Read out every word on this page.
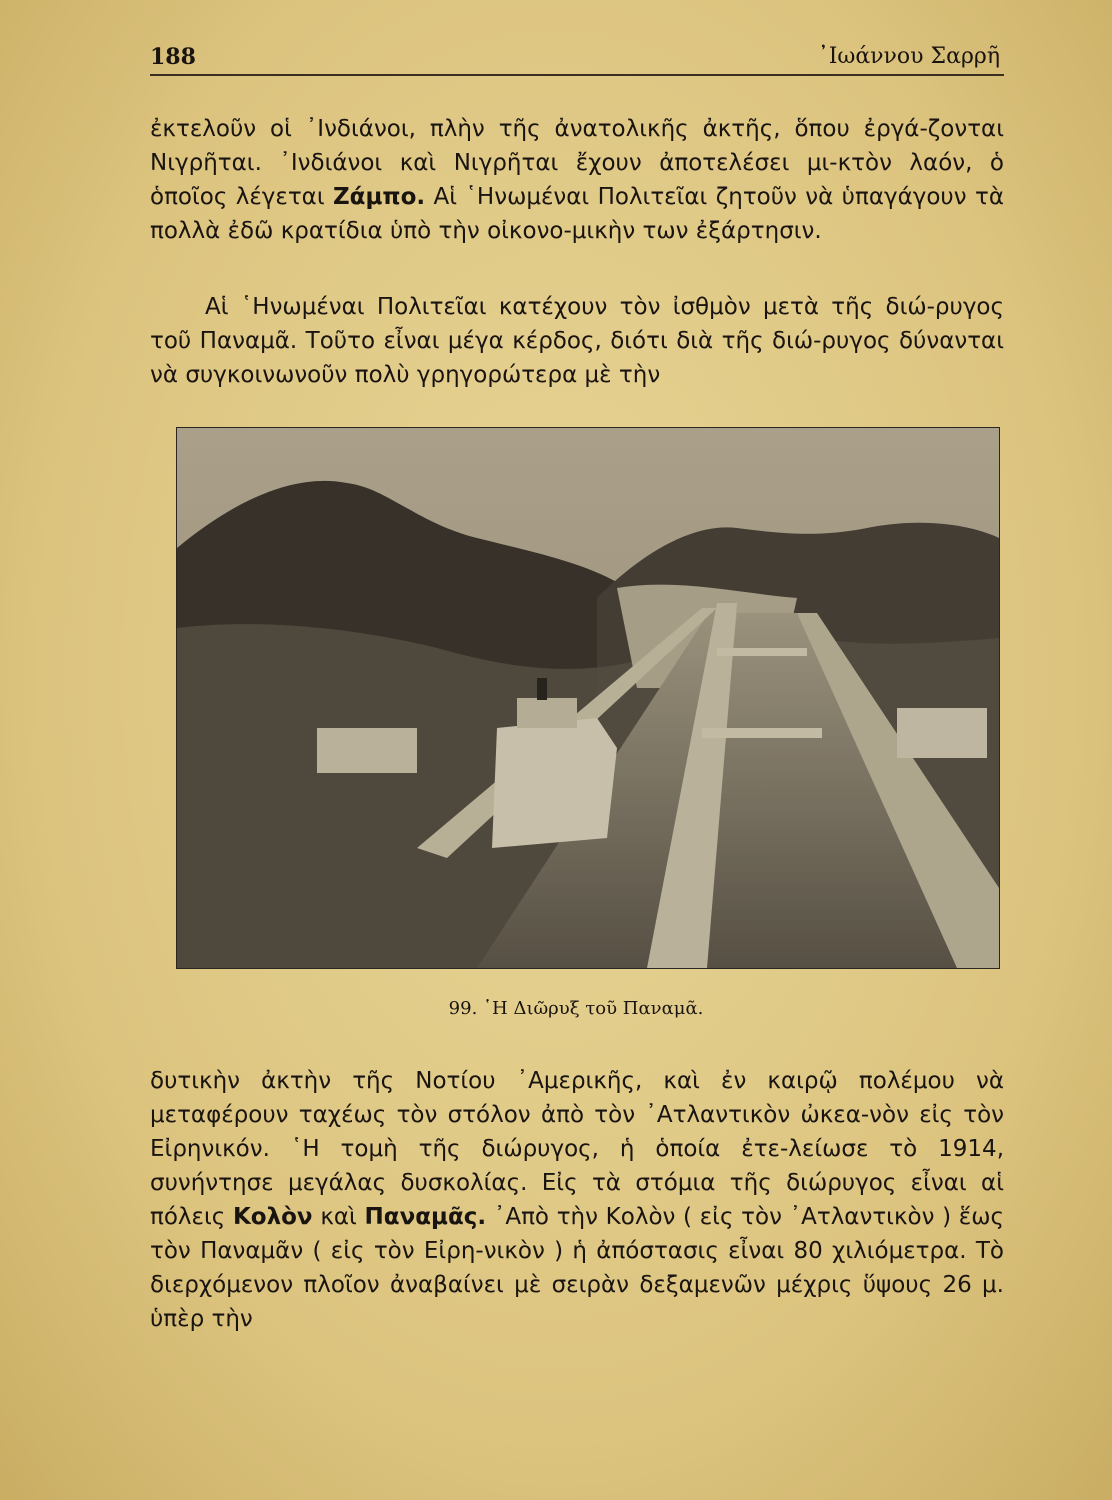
188	᾿Ιωάννου Σαρρῆ

ἐκτελοῦν οἱ ᾿Ινδιάνοι, πλὴν τῆς ἀνατολικῆς ἀκτῆς, ὅπου ἐργά-ζονται Νιγρῆται. ᾿Ινδιάνοι καὶ Νιγρῆται ἔχουν ἀποτελέσει μι-κτὸν λαόν, ὁ ὁποῖος λέγεται Ζάμπο. Αἱ ῾Ηνωμέναι Πολιτεῖαι ζητοῦν νὰ ὑπαγάγουν τὰ πολλὰ ἐδῶ κρατίδια ὑπὸ τὴν οἰκονο-μικὴν των ἐξάρτησιν.

Αἱ ῾Ηνωμέναι Πολιτεῖαι κατέχουν τὸν ἰσθμὸν μετὰ τῆς διώ-ρυγος τοῦ Παναμᾶ. Τοῦτο εἶναι μέγα κέρδος, διότι διὰ τῆς διώ-ρυγος δύνανται νὰ συγκοινωνοῦν πολὺ γρηγορώτερα μὲ τὴν

99. ῾Η Διῶρυξ τοῦ Παναμᾶ.

δυτικὴν ἀκτὴν τῆς Νοτίου ᾿Αμερικῆς, καὶ ἐν καιρῷ πολέμου νὰ μεταφέρουν ταχέως τὸν στόλον ἀπὸ τὸν ᾿Ατλαντικὸν ὠκεα-νὸν εἰς τὸν Εἰρηνικόν. ῾Η τομὴ τῆς διώρυγος, ἡ ὁποία ἐτε-λείωσε τὸ 1914, συνήντησε μεγάλας δυσκολίας. Εἰς τὰ στόμια τῆς διώρυγος εἶναι αἱ πόλεις Κολὸν καὶ Παναμᾶς. ᾿Απὸ τὴν Κολὸν ( εἰς τὸν ᾿Ατλαντικὸν ) ἕως τὸν Παναμᾶν ( εἰς τὸν Εἰρη-νικὸν ) ἡ ἀπόστασις εἶναι 80 χιλιόμετρα. Τὸ διερχόμενον πλοῖον ἀναβαίνει μὲ σειρὰν δεξαμενῶν μέχρις ὕψους 26 μ. ὑπὲρ τὴν
